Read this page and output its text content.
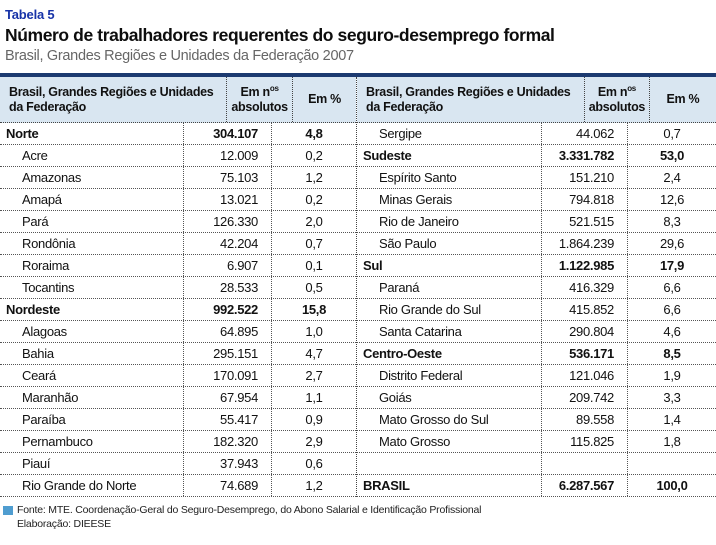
Tabela 5
Número de trabalhadores requerentes do seguro-desemprego formal
Brasil, Grandes Regiões e Unidades da Federação 2007
Brasil, Grandes Regiões e Unidades da Federação
Em $n^{os}$
absolutos
Em %
Norte	304.107	4,8
Acre	12.009	0,2
Amazonas	75.103	1,2
Amapá	13.021	0,2
Pará	126.330	2,0
Rondônia	42.204	0,7
Roraima	6.907	0,1
Tocantins	28.533	0,5
Nordeste	992.522	15,8
Alagoas	64.895	1,0
Bahia	295.151	4,7
Ceará	170.091	2,7
Maranhão	67.954	1,1
Paraíba	55.417	0,9
Pernambuco	182.320	2,9
Piauí	37.943	0,6
Rio Grande do Norte	74.689	1,2
Brasil, Grandes Regiões e Unidades da Federação
Em $n^{os}$
absolutos
Em %
Sergipe	44.062	0,7
Sudeste	3.331.782	53,0
Espírito Santo	151.210	2,4
Minas Gerais	794.818	12,6
Rio de Janeiro	521.515	8,3
São Paulo	1.864.239	29,6
Sul	1.122.985	17,9
Paraná	416.329	6,6
Rio Grande do Sul	415.852	6,6
Santa Catarina	290.804	4,6
Centro-Oeste	536.171	8,5
Distrito Federal	121.046	1,9
Goiás	209.742	3,3
Mato Grosso do Sul	89.558	1,4
Mato Grosso	115.825	1,8
BRASIL	6.287.567	100,0
Fonte: MTE. Coordenação-Geral do Seguro-Desemprego, do Abono Salarial e Identificação Profissional
Elaboração: DIEESE
